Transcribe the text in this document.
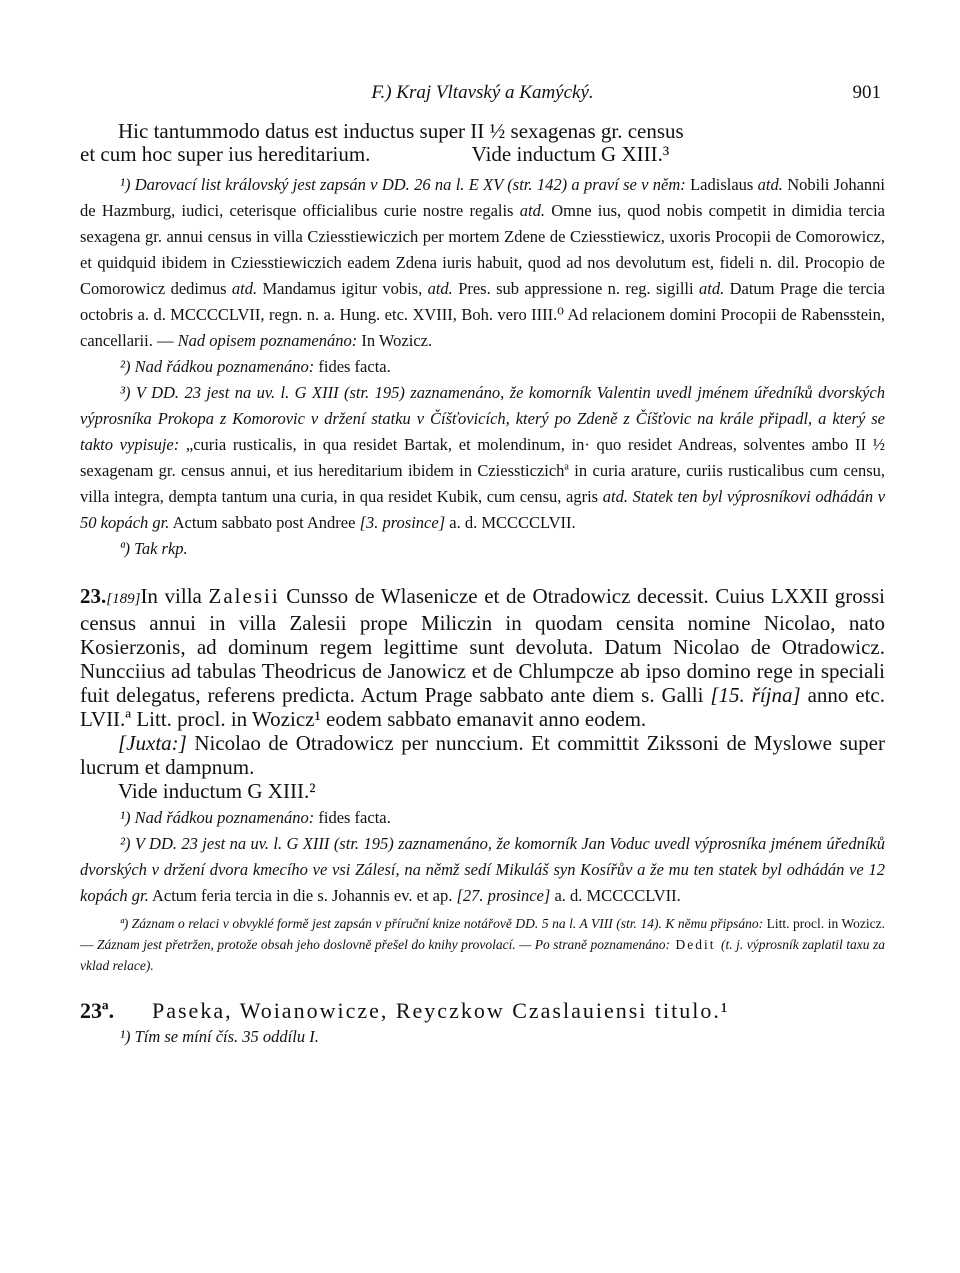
F.) Kraj Vltavský a Kamýcký.	901

Hic tantummodo datus est inductus super II ½ sexagenas gr. census
et cum hoc super ius hereditarium.	Vide inductum G XIII.³

¹) Darovací list královský jest zapsán v DD. 26 na l. E XV (str. 142) a praví se v něm: Ladislaus atd. Nobili Johanni de Hazmburg, iudici, ceterisque officialibus curie nostre regalis atd. Omne ius, quod nobis competit in dimidia tercia sexagena gr. annui census in villa Cziesstiewiczich per mortem Zdene de Cziesstiewicz, uxoris Procopii de Comorowicz, et quidquid ibidem in Cziesstiewiczich eadem Zdena iuris habuit, quod ad nos devolutum est, fideli n. dil. Procopio de Comorowicz dedimus atd. Mandamus igitur vobis, atd. Pres. sub appressione n. reg. sigilli atd. Datum Prage die tercia octobris a. d. MCCCCLVII, regn. n. a. Hung. etc. XVIII, Boh. vero IIII.⁰ Ad relacionem domini Procopii de Rabensstein, cancellarii. — Nad opisem poznamenáno: In Wozicz.

²) Nad řádkou poznamenáno: fides facta.

³) V DD. 23 jest na uv. l. G XIII (str. 195) zaznamenáno, že komorník Valentin uvedl jménem úředníků dvorských výprosníka Prokopa z Komorovic v držení statku v Číšťovicích, který po Zdeně z Číšťovic na krále připadl, a který se takto vypisuje: „curia rusticalis, in qua residet Bartak, et molendinum, in· quo residet Andreas, solventes ambo II ½ sexagenam gr. census annui, et ius hereditarium ibidem in Cziessticzich$^a$ in curia arature, curiis rusticalibus cum censu, villa integra, dempta tantum una curia, in qua residet Kubik, cum censu, agris atd. Statek ten byl výprosníkovi odhádán v 50 kopách gr. Actum sabbato post Andree [3. prosince] a. d. MCCCCLVII.

ª) Tak rkp.

23.[189]In villa Zalesii Cunsso de Wlasenicze et de Otradowicz decessit. Cuius LXXII grossi census annui in villa Zalesii prope Miliczin in quodam censita nomine Nicolao, nato Kosierzonis, ad dominum regem legittime sunt devoluta. Datum Nicolao de Otradowicz. Nuncciius ad tabulas Theodricus de Janowicz et de Chlumpcze ab ipso domino rege in speciali fuit delegatus, referens predicta. Actum Prage sabbato ante diem s. Galli [15. října] anno etc. LVII.ª Litt. procl. in Wozicz¹ eodem sabbato emanavit anno eodem.

[Juxta:] Nicolao de Otradowicz per nunccium. Et committit Zikssoni de Myslowe super lucrum et dampnum.

Vide inductum G XIII.²

¹) Nad řádkou poznamenáno: fides facta.

²) V DD. 23 jest na uv. l. G XIII (str. 195) zaznamenáno, že komorník Jan Voduc uvedl výprosníka jménem úředníků dvorských v držení dvora kmecího ve vsi Zálesí, na němž sedí Mikuláš syn Kosířův a že mu ten statek byl odhádán ve 12 kopách gr. Actum feria tercia in die s. Johannis ev. et ap. [27. prosince] a. d. MCCCCLVII.

ª) Záznam o relaci v obvyklé formě jest zapsán v příruční knize notářově DD. 5 na l. A VIII (str. 14). K němu připsáno: Litt. procl. in Wozicz. — Záznam jest přetržen, protože obsah jeho doslovně přešel do knihy provolací. — Po straně poznamenáno: Dedit (t. j. výprosník zaplatil taxu za vklad relace).

23ª. Paseka, Woianowicze, Reyczkow Czaslauiensi titulo.¹

¹) Tím se míní čís. 35 oddílu I.
